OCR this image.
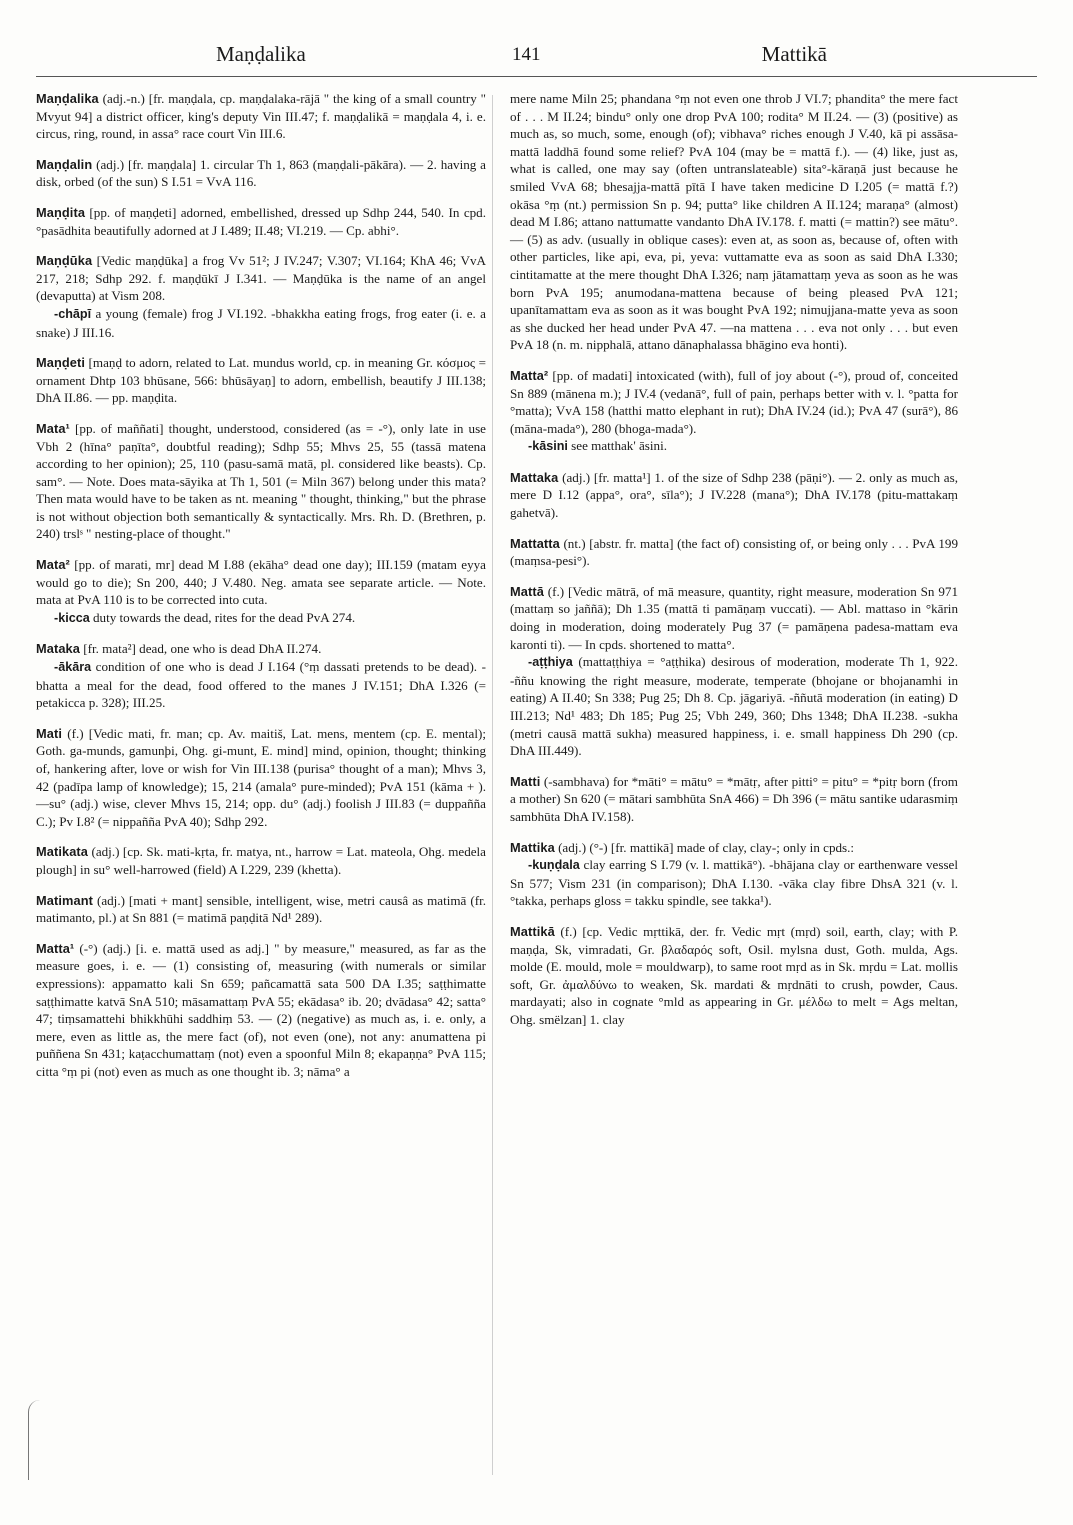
Maṇḍalika	141	Mattikā
Maṇḍalika (adj.-n.) [fr. maṇḍala, cp. maṇḍalaka-rājā " the king of a small country " Mvyut 94] a district officer, king's deputy Vin III.47; f. maṇḍalikā = maṇḍala 4, i. e. circus, ring, round, in assa° race court Vin III.6.
Maṇḍalin (adj.) [fr. maṇḍala] 1. circular Th 1, 863 (maṇḍali-pākāra). — 2. having a disk, orbed (of the sun) S I.51 = VvA 116.
Maṇḍita [pp. of maṇḍeti] adorned, embellished, dressed up Sdhp 244, 540. In cpd. °pasādhita beautifully adorned at J I.489; II.48; VI.219. — Cp. abhi°.
Maṇḍūka [Vedic maṇḍūka] a frog Vv 51²; J IV.247; V.307; VI.164; KhA 46; VvA 217, 218; Sdhp 292. f. maṇḍūkī J I.341. — Maṇḍūka is the name of an angel (devaputta) at Vism 208.
-chāpī a young (female) frog J VI.192. -bhakkha eating frogs, frog eater (i. e. a snake) J III.16.
Maṇḍeti [maṇḍ to adorn, related to Lat. mundus world, cp. in meaning Gr. κόσμος = ornament Dhtp 103 bhūsane, 566: bhūsāyaṇ] to adorn, embellish, beautify J III.138; DhA II.86. — pp. maṇḍita.
Mata¹ [pp. of maññati] thought, understood, considered (as = -°), only late in use Vbh 2 (hīna° paṇīta°, doubtful reading); Sdhp 55; Mhvs 25, 55 (tassā matena according to her opinion); 25, 110 (pasu-samā matā, pl. considered like beasts). Cp. sam°. — Note. Does mata-sāyika at Th 1, 501 (= Miln 367) belong under this mata? Then mata would have to be taken as nt. meaning " thought, thinking," but the phrase is not without objection both semantically & syntactically. Mrs. Rh. D. (Brethren, p. 240) trslˢ " nesting-place of thought."
Mata² [pp. of marati, mr] dead M I.88 (ekāha° dead one day); III.159 (matam eyya would go to die); Sn 200, 440; J V.480. Neg. amata see separate article. — Note. mata at PvA 110 is to be corrected into cuta.
-kicca duty towards the dead, rites for the dead PvA 274.
Mataka [fr. mata²] dead, one who is dead DhA II.274.
-ākāra condition of one who is dead J I.164 (°ṃ dassati pretends to be dead). -bhatta a meal for the dead, food offered to the manes J IV.151; DhA I.326 (= petakicca p. 328); III.25.
Mati (f.) [Vedic mati, fr. man; cp. Av. maitiš, Lat. mens, mentem (cp. E. mental); Goth. ga-munds, gamunþi, Ohg. gi-munt, E. mind] mind, opinion, thought; thinking of, hankering after, love or wish for Vin III.138 (purisa° thought of a man); Mhvs 3, 42 (padīpa lamp of knowledge); 15, 214 (amala° pure-minded); PvA 151 (kāma + ). —su° (adj.) wise, clever Mhvs 15, 214; opp. du° (adj.) foolish J III.83 (= duppañña C.); Pv I.8² (= nippañña PvA 40); Sdhp 292.
Matikata (adj.) [cp. Sk. mati-kṛta, fr. matya, nt., harrow = Lat. mateola, Ohg. medela plough] in su° well-harrowed (field) A I.229, 239 (khetta).
Matimant (adj.) [mati + mant] sensible, intelligent, wise, metri causâ as matimā (fr. matimanto, pl.) at Sn 881 (= matimā paṇḍitā Nd¹ 289).
Matta¹ (-°) (adj.) [i. e. mattā used as adj.] " by measure," measured, as far as the measure goes, i. e. — (1) consisting of, measuring (with numerals or similar expressions): appamatto kali Sn 659; pañcamattā sata 500 DA I.35; saṭṭhimatte saṭṭhimatte katvā SnA 510; māsamattaṃ PvA 55; ekādasa° ib. 20; dvādasa° 42; satta° 47; tiṃsamattehi bhikkhūhi saddhiṃ 53. — (2) (negative) as much as, i. e. only, a mere, even as little as, the mere fact (of), not even (one), not any: anumattena pi puññena Sn 431; kaṭacchumattaṃ (not) even a spoonful Miln 8; ekapaṇṇa° PvA 115; citta °ṃ pi (not) even as much as one thought ib. 3; nāma° a
mere name Miln 25; phandana °ṃ not even one throb J VI.7; phandita° the mere fact of . . . M II.24; bindu° only one drop PvA 100; rodita° M II.24. — (3) (positive) as much as, so much, some, enough (of); vibhava° riches enough J V.40, kā pi assāsa-mattā laddhā found some relief? PvA 104 (may be = mattā f.). — (4) like, just as, what is called, one may say (often untranslateable) sita°-kāraṇā just because he smiled VvA 68; bhesajja-mattā pītā I have taken medicine D I.205 (= mattā f.?) okāsa °ṃ (nt.) permission Sn p. 94; putta° like children A II.124; maraṇa° (almost) dead M I.86; attano nattumatte vandanto DhA IV.178. f. matti (= mattin?) see mātu°. — (5) as adv. (usually in oblique cases): even at, as soon as, because of, often with other particles, like api, eva, pi, yeva: vuttamatte eva as soon as said DhA I.330; cintitamatte at the mere thought DhA I.326; naṃ jātamattaṃ yeva as soon as he was born PvA 195; anumodana-mattena because of being pleased PvA 121; upanītamattam eva as soon as it was bought PvA 192; nimujjana-matte yeva as soon as she ducked her head under PvA 47. —na mattena . . . eva not only . . . but even PvA 18 (n. m. nipphalā, attano dānaphalassa bhāgino eva honti).
Matta² [pp. of madati] intoxicated (with), full of joy about (-°), proud of, conceited Sn 889 (mānena m.); J IV.4 (vedanā°, full of pain, perhaps better with v. l. °patta for °matta); VvA 158 (hatthi matto elephant in rut); DhA IV.24 (id.); PvA 47 (surā°), 86 (māna-mada°), 280 (bhoga-mada°).
-kāsini see matthak' āsini.
Mattaka (adj.) [fr. matta¹] 1. of the size of Sdhp 238 (pāṇi°). — 2. only as much as, mere D I.12 (appa°, ora°, sīla°); J IV.228 (mana°); DhA IV.178 (pitu-mattakaṃ gahetvā).
Mattatta (nt.) [abstr. fr. matta] (the fact of) consisting of, or being only . . . PvA 199 (maṃsa-pesi°).
Mattā (f.) [Vedic mātrā, of mā measure, quantity, right measure, moderation Sn 971 (mattaṃ so jaññā); Dh 1.35 (mattā ti pamāṇaṃ vuccati). — Abl. mattaso in °kārin doing in moderation, doing moderately Pug 37 (= pamāṇena padesa-mattam eva karonti ti). — In cpds. shortened to matta°.
-aṭṭhiya (mattaṭṭhiya = °aṭṭhika) desirous of moderation, moderate Th 1, 922. -ññu knowing the right measure, moderate, temperate (bhojane or bhojanamhi in eating) A II.40; Sn 338; Pug 25; Dh 8. Cp. jāgariyā. -ññutā moderation (in eating) D III.213; Nd¹ 483; Dh 185; Pug 25; Vbh 249, 360; Dhs 1348; DhA II.238. -sukha (metri causā mattā sukha) measured happiness, i. e. small happiness Dh 290 (cp. DhA III.449).
Matti (-sambhava) for *māti° = mātu° = *mātṛ, after pitti° = pitu° = *pitṛ born (from a mother) Sn 620 (= mātari sambhūta SnA 466) = Dh 396 (= mātu santike udarasmiṃ sambhūta DhA IV.158).
Mattika (adj.) (°-) [fr. mattikā] made of clay, clay-; only in cpds.:
-kuṇḍala clay earring S I.79 (v. l. mattikā°). -bhājana clay or earthenware vessel Sn 577; Vism 231 (in comparison); DhA I.130. -vāka clay fibre DhsA 321 (v. l. °takka, perhaps gloss = takku spindle, see takka¹).
Mattikā (f.) [cp. Vedic mṛttikā, der. fr. Vedic mṛt (mṛd) soil, earth, clay; with P. maṇḍa, Sk, vimradati, Gr. βλαδαρός soft, Osil. mylsna dust, Goth. mulda, Ags. molde (E. mould, mole = mouldwarp), to same root mṛd as in Sk. mṛdu = Lat. mollis soft, Gr. ἀμαλδύνω to weaken, Sk. mardati & mṛdnāti to crush, powder, Caus. mardayati; also in cognate °mld as appearing in Gr. μέλδω to melt = Ags meltan, Ohg. smëlzan] 1. clay
